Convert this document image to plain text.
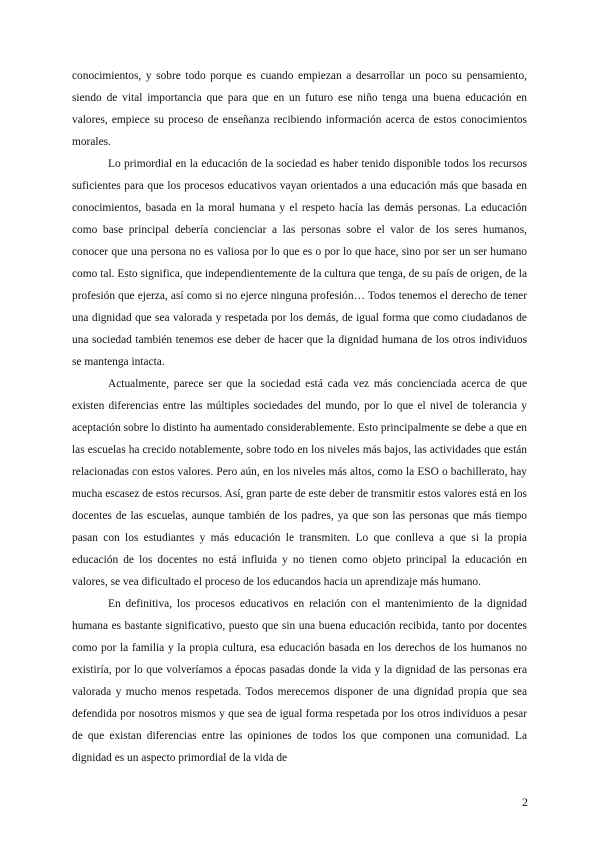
conocimientos, y sobre todo porque es cuando empiezan a desarrollar un poco su pensamiento, siendo de vital importancia que para que en un futuro ese niño tenga una buena educación en valores, empiece su proceso de enseñanza recibiendo información acerca de estos conocimientos morales.

Lo primordial en la educación de la sociedad es haber tenido disponible todos los recursos suficientes para que los procesos educativos vayan orientados a una educación más que basada en conocimientos, basada en la moral humana y el respeto hacía las demás personas. La educación como base principal debería concienciar a las personas sobre el valor de los seres humanos, conocer que una persona no es valiosa por lo que es o por lo que hace, sino por ser un ser humano como tal. Esto significa, que independientemente de la cultura que tenga, de su país de origen, de la profesión que ejerza, así como si no ejerce ninguna profesión… Todos tenemos el derecho de tener una dignidad que sea valorada y respetada por los demás, de igual forma que como ciudadanos de una sociedad también tenemos ese deber de hacer que la dignidad humana de los otros individuos se mantenga intacta.

Actualmente, parece ser que la sociedad está cada vez más concienciada acerca de que existen diferencias entre las múltiples sociedades del mundo, por lo que el nivel de tolerancia y aceptación sobre lo distinto ha aumentado considerablemente. Esto principalmente se debe a que en las escuelas ha crecido notablemente, sobre todo en los niveles más bajos, las actividades que están relacionadas con estos valores. Pero aún, en los niveles más altos, como la ESO o bachillerato, hay mucha escasez de estos recursos. Así, gran parte de este deber de transmitir estos valores está en los docentes de las escuelas, aunque también de los padres, ya que son las personas que más tiempo pasan con los estudiantes y más educación le transmiten. Lo que conlleva a que si la propia educación de los docentes no está influida y no tienen como objeto principal la educación en valores, se vea dificultado el proceso de los educandos hacia un aprendizaje más humano.

En definitiva, los procesos educativos en relación con el mantenimiento de la dignidad humana es bastante significativo, puesto que sin una buena educación recibida, tanto por docentes como por la familia y la propia cultura, esa educación basada en los derechos de los humanos no existiría, por lo que volveríamos a épocas pasadas donde la vida y la dignidad de las personas era valorada y mucho menos respetada. Todos merecemos disponer de una dignidad propia que sea defendida por nosotros mismos y que sea de igual forma respetada por los otros individuos a pesar de que existan diferencias entre las opiniones de todos los que componen una comunidad. La dignidad es un aspecto primordial de la vida de

2
